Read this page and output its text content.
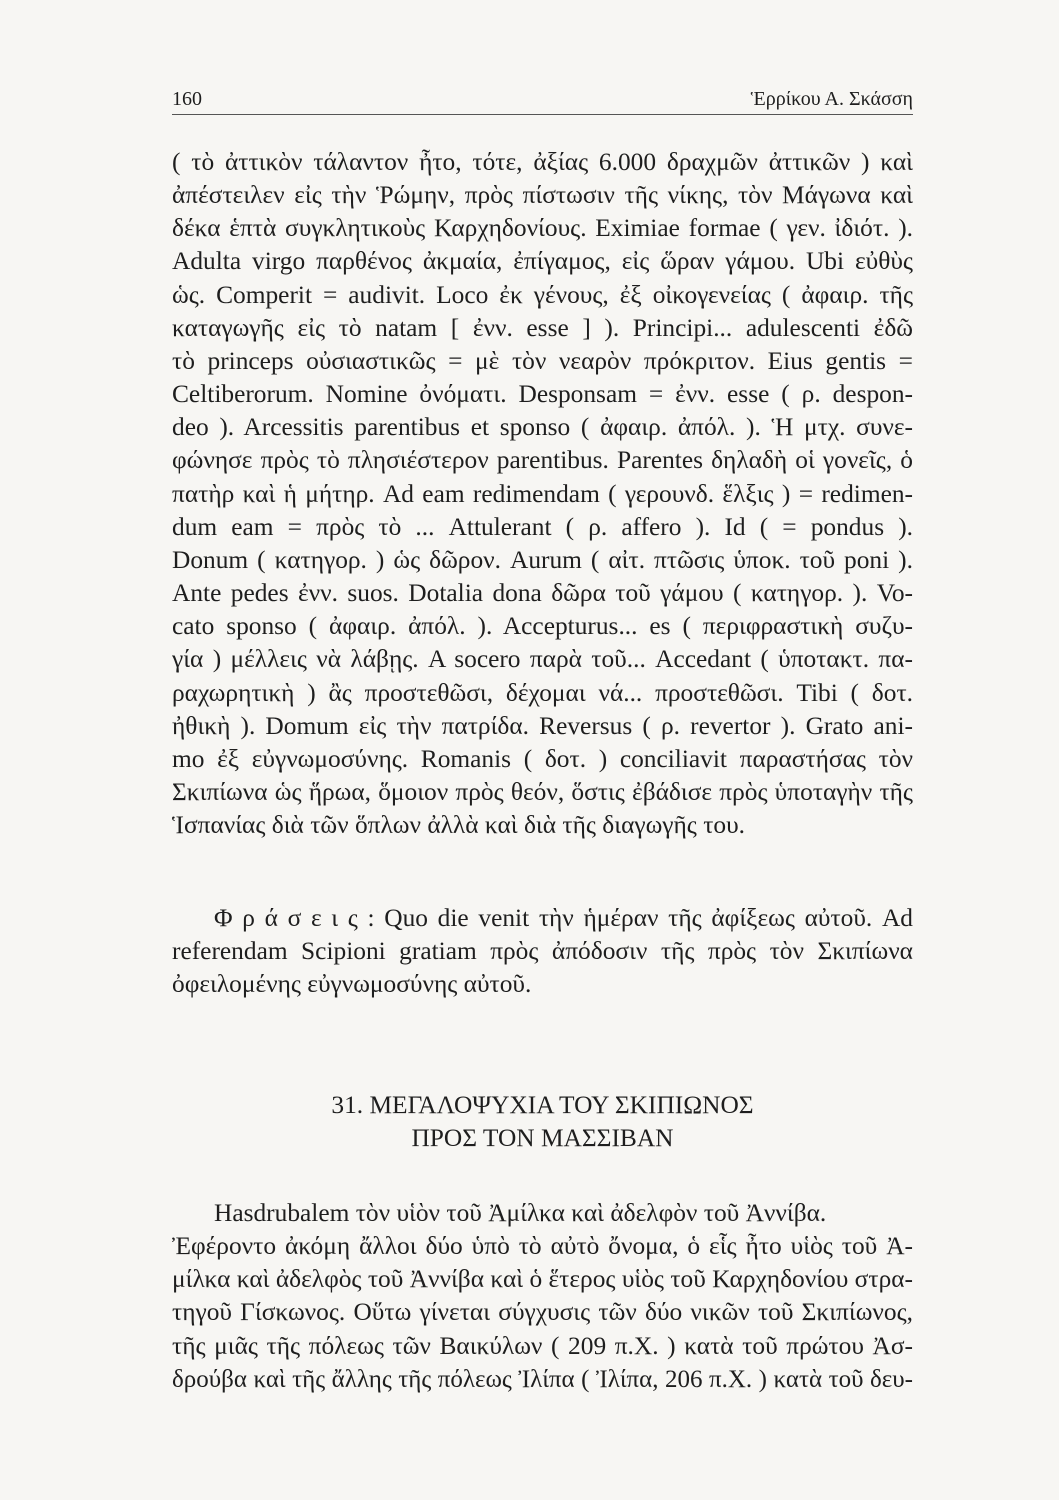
160	Ἑρρίκου Α. Σκάσση
( τὸ ἀττικὸν τάλαντον ἦτο, τότε, ἀξίας 6.000 δραχμῶν ἀττικῶν ) καὶ
ἀπέστειλεν εἰς τὴν Ῥώμην, πρὸς πίστωσιν τῆς νίκης, τὸν Μάγωνα καὶ
δέκα ἑπτὰ συγκλητικοὺς Καρχηδονίους. Eximiae formae ( γεν. ἰδιότ. ).
Adulta virgo παρθένος ἀκμαία, ἐπίγαμος, εἰς ὥραν γάμου. Ubi εὐθὺς
ὡς. Comperit = audivit. Loco ἐκ γένους, ἐξ οἰκογενείας ( ἀφαιρ. τῆς
καταγωγῆς εἰς τὸ natam [ ἐνν. esse ] ). Principi... adulescenti ἐδῶ
τὸ princeps οὐσιαστικῶς = μὲ τὸν νεαρὸν πρόκριτον. Eius gentis =
Celtiberorum. Nomine ὀνόματι. Desponsam = ἐνν. esse ( ρ. despon-
deo ). Arcessitis parentibus et sponso ( ἀφαιρ. ἀπόλ. ). Ἡ μτχ. συνε-
φώνησε πρὸς τὸ πλησιέστερον parentibus. Parentes δηλαδὴ οἱ γονεῖς, ὁ
πατὴρ καὶ ἡ μήτηρ. Ad eam redimendam ( γερουνδ. ἕλξις ) = redimen-
dum eam = πρὸς τὸ ... Attulerant ( ρ. affero ). Id ( = pondus ).
Donum ( κατηγορ. ) ὡς δῶρον. Aurum ( αἰτ. πτῶσις ὑποκ. τοῦ poni ).
Ante pedes ἐνν. suos. Dotalia dona δῶρα τοῦ γάμου ( κατηγορ. ). Vo-
cato sponso ( ἀφαιρ. ἀπόλ. ). Accepturus... es ( περιφραστικὴ συζυ-
γία ) μέλλεις νὰ λάβῃς. A socero παρὰ τοῦ... Accedant ( ὑποτακτ. πα-
ραχωρητικὴ ) ἂς προστεθῶσι, δέχομαι νά... προστεθῶσι. Tibi ( δοτ.
ἠθικὴ ). Domum εἰς τὴν πατρίδα. Reversus ( ρ. revertor ). Grato ani-
mo ἐξ εὐγνωμοσύνης. Romanis ( δοτ. ) conciliavit παραστήσας τὸν
Σκιπίωνα ὡς ἥρωα, ὅμοιον πρὸς θεόν, ὅστις ἐβάδισε πρὸς ὑποταγὴν τῆς
Ἱσπανίας διὰ τῶν ὅπλων ἀλλὰ καὶ διὰ τῆς διαγωγῆς του.
Φ ρ ά σ ε ι ς : Quo die venit τὴν ἡμέραν τῆς ἀφίξεως αὐτοῦ. Ad
referendam Scipioni gratiam πρὸς ἀπόδοσιν τῆς πρὸς τὸν Σκιπίωνα
ὀφειλομένης εὐγνωμοσύνης αὐτοῦ.
31. ΜΕΓΑΛΟΨΥΧΙΑ ΤΟΥ ΣΚΙΠΙΩΝΟΣ
ΠΡΟΣ ΤΟΝ ΜΑΣΣΙΒΑΝ
Hasdrubalem τὸν υἱὸν τοῦ Ἀμίλκα καὶ ἀδελφὸν τοῦ Ἀννίβα.
Ἐφέροντο ἀκόμη ἄλλοι δύο ὑπὸ τὸ αὐτὸ ὄνομα, ὁ εἷς ἦτο υἱὸς τοῦ Ἀ-
μίλκα καὶ ἀδελφὸς τοῦ Ἀννίβα καὶ ὁ ἕτερος υἱὸς τοῦ Καρχηδονίου στρα-
τηγοῦ Γίσκωνος. Οὕτω γίνεται σύγχυσις τῶν δύο νικῶν τοῦ Σκιπίωνος,
τῆς μιᾶς τῆς πόλεως τῶν Βαικύλων ( 209 π.Χ. ) κατὰ τοῦ πρώτου Ἀσ-
δρούβα καὶ τῆς ἄλλης τῆς πόλεως Ἰλίπα ( Ἰλίπα, 206 π.Χ. ) κατὰ τοῦ δευ-
